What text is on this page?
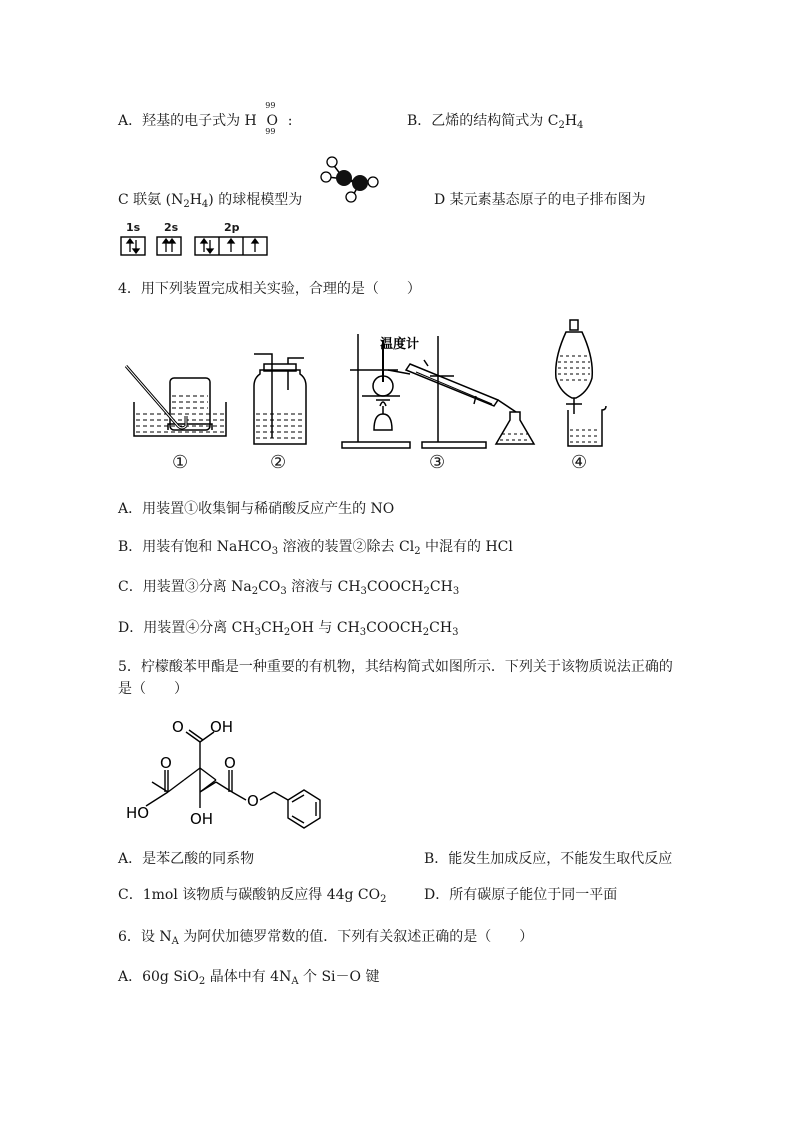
A．羟基的电子式为 H
99
O
99
:	B．乙烯的结构简式为 $C_2H_4$
C 联氨 $(N_2H_4)$ 的球棍模型为	D 某元素基态原子的电子排布图为
1s 2s	2p
4．用下列装置完成相关实验，合理的是（　　）
温度计
①	②	③	④
A．用装置①收集铜与稀硝酸反应产生的 NO
B．用装有饱和 NaHCO$_3$ 溶液的装置②除去 $Cl_2$ 中混有的 HCl
C．用装置③分离 $Na_2CO_3$ 溶液与 $CH_3COOCH_2CH_3$
D．用装置④分离 $CH_3CH_2OH$ 与 $CH_3COOCH_2CH_3$
5．柠檬酸苯甲酯是一种重要的有机物，其结构简式如图所示．下列关于该物质说法正确的
是（　　）
O OH
O	O
O
HO	OH
A．是苯乙酸的同系物	B．能发生加成反应，不能发生取代反应
C．1mol 该物质与碳酸钠反应得 44g $CO_2$	D．所有碳原子能位于同一平面
6．设 $N_A$ 为阿伏加德罗常数的值．下列有关叙述正确的是（　　）
A．60g SiO$_2$ 晶体中有 $4N_A$ 个 Si－O 键
